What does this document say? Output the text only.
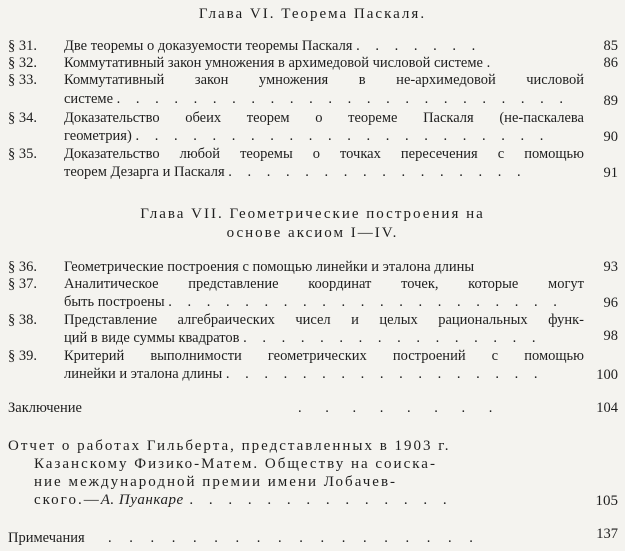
Глава VI. Теорема Паскаля.
§ 31.	Две теоремы о доказуемости теоремы Паскаля . . . . . . .	85
§ 32.	Коммутативный закон умножения в архимедовой числовой системе .	86
§ 33.	Коммутативный закон умножения в не-архимедовой числовой
системе . . . . . . . . . . . . . . . . . . . . . . . .	89
§ 34.	Доказательство обеих теорем о теореме Паскаля (не-паскалева
геометрия) . . . . . . . . . . . . . . . . . . . . . .	90
§ 35.	Доказательство любой теоремы о точках пересечения с помощью
теорем Дезарга и Паскаля . . . . . . . . . . . . . . . .	91
Глава VII. Геометрические построения на
основе аксиом I—IV.
§ 36.	Геометрические построения с помощью линейки и эталона длины	93
§ 37.	Аналитическое представление координат точек, которые могут
быть построены . . . . . . . . . . . . . . . . . . . . .	96
§ 38.	Представление алгебраических чисел и целых рациональных функ-
ций в виде суммы квадратов . . . . . . . . . . . . . . . .	98
§ 39.	Критерий выполнимости геометрических построений с помощью
линейки и эталона длины . . . . . . . . . . . . . . . . .	100
Заключение	. . . . . . . .	104
Отчет о работах Гильберта, представленных в 1903 г.
Казанскому Физико-Матем. Обществу на соиска-
ние международной премии имени Лобачев-
ского.—А. Пуанкаре . . . . . . . . . . . . . .	105
Примечания . . . . . . . . . . . . . . . . . .	137
